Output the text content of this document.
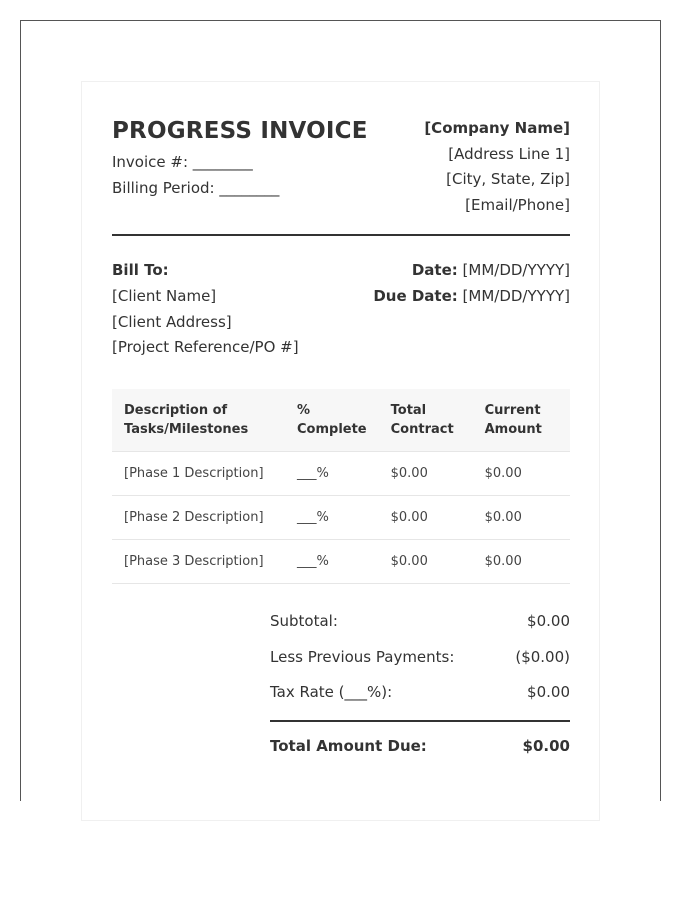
PROGRESS INVOICE
Invoice #: ________
Billing Period: ________
[Company Name]
[Address Line 1]
[City, State, Zip]
[Email/Phone]
Bill To:
[Client Name]
[Client Address]
[Project Reference/PO #]
Date: [MM/DD/YYYY]
Due Date: [MM/DD/YYYY]
Description of Tasks/Milestones	% Complete	Total Contract	Current Amount
[Phase 1 Description]	___%	$0.00	$0.00
[Phase 2 Description]	___%	$0.00	$0.00
[Phase 3 Description]	___%	$0.00	$0.00
Subtotal:	$0.00
Less Previous Payments:	($0.00)
Tax Rate (___%):	$0.00
Total Amount Due:	$0.00
